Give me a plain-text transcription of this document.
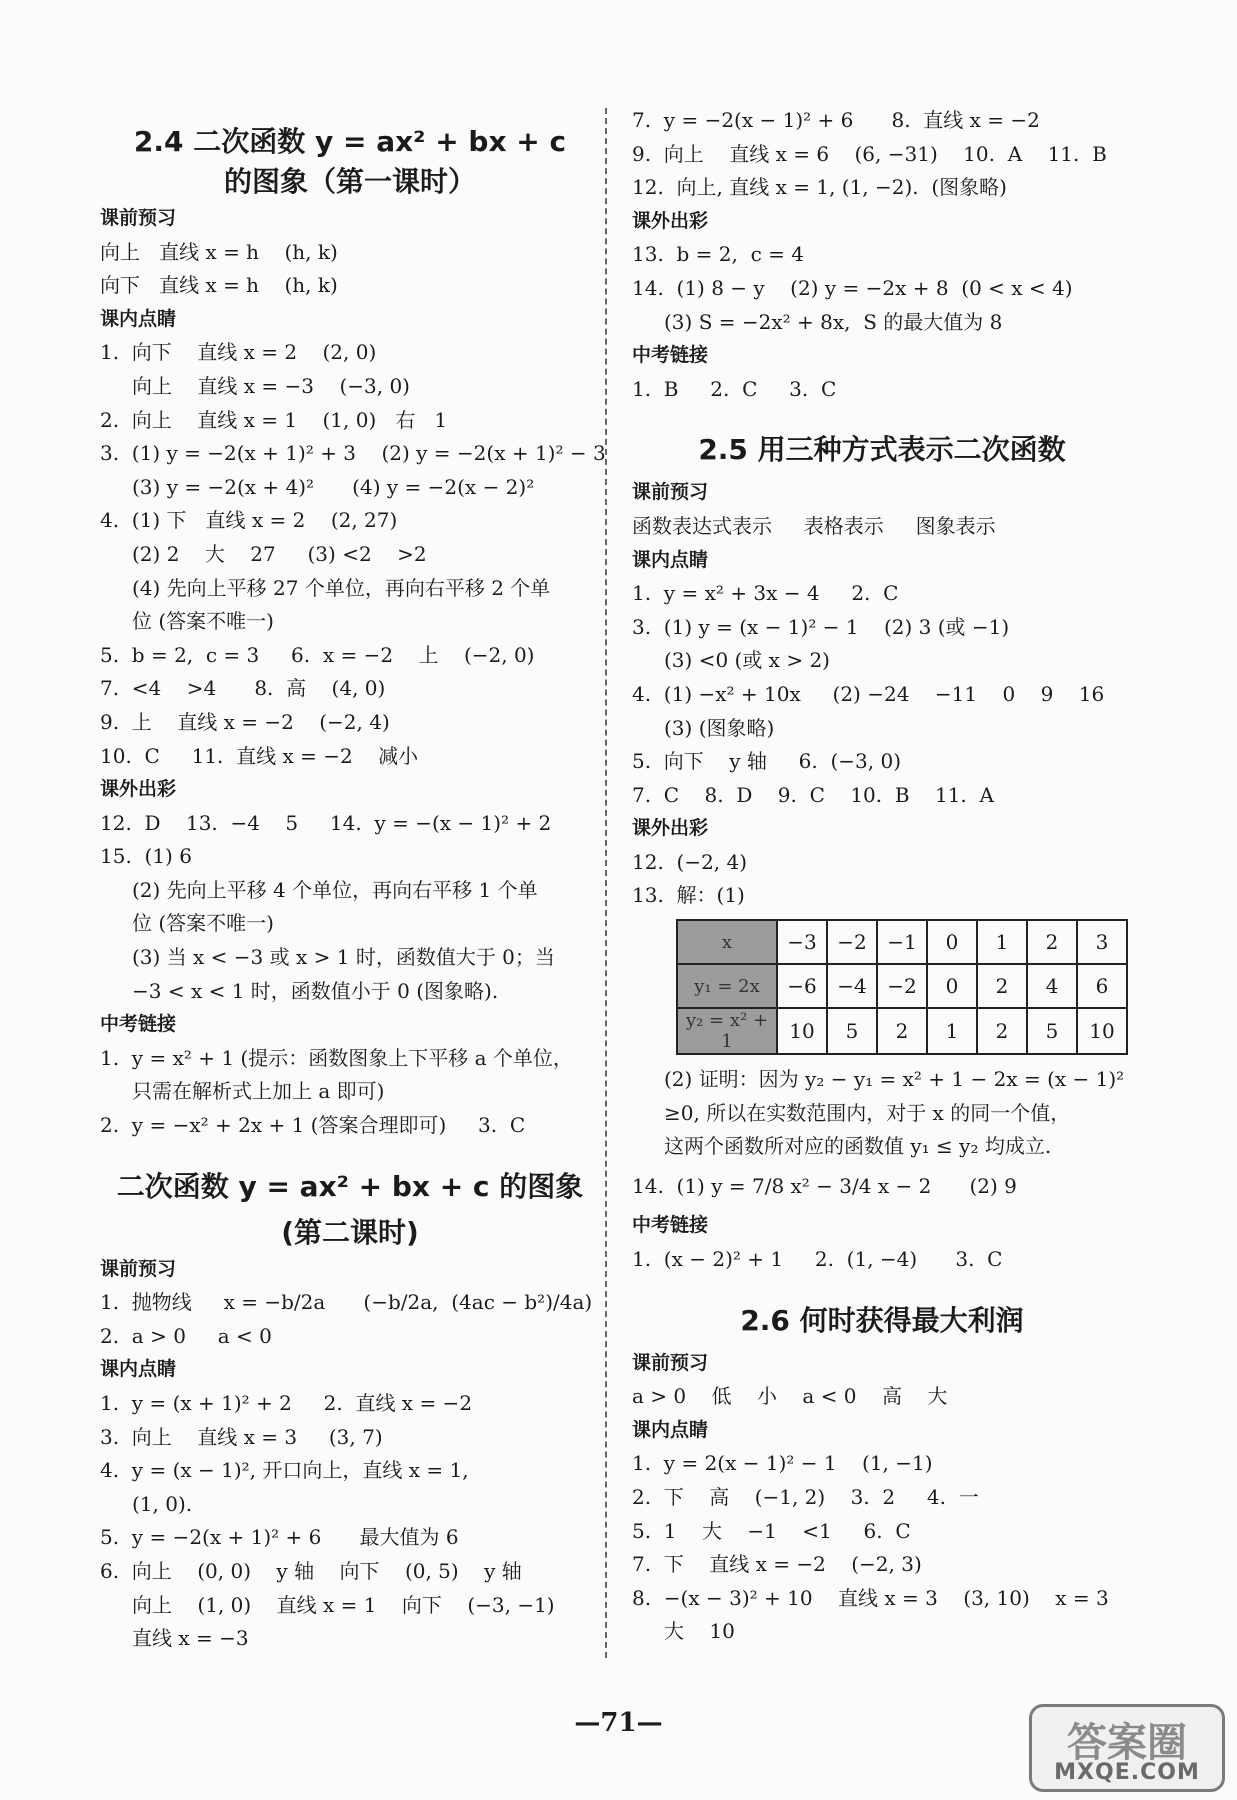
2.4 二次函数 y = ax² + bx + c
的图象（第一课时）
课前预习
向上   直线 x = h    (h, k)
向下   直线 x = h    (h, k)
课内点睛
1.  向下    直线 x = 2    (2, 0)
向上    直线 x = −3    (−3, 0)
2.  向上    直线 x = 1    (1, 0)   右   1
3.  (1) y = −2(x + 1)² + 3    (2) y = −2(x + 1)² − 3
(3) y = −2(x + 4)²      (4) y = −2(x − 2)²
4.  (1) 下   直线 x = 2    (2, 27)
(2) 2    大    27     (3) <2    >2
(4) 先向上平移 27 个单位，再向右平移 2 个单
位 (答案不唯一)
5.  b = 2,  c = 3     6.  x = −2    上    (−2, 0)
7.  <4    >4      8.  高    (4, 0)
9.  上    直线 x = −2    (−2, 4)
10.  C     11.  直线 x = −2    减小
课外出彩
12.  D    13.  −4    5     14.  y = −(x − 1)² + 2
15.  (1) 6
(2) 先向上平移 4 个单位，再向右平移 1 个单
位 (答案不唯一)
(3) 当 x < −3 或 x > 1 时，函数值大于 0；当
−3 < x < 1 时，函数值小于 0 (图象略).
中考链接
1.  y = x² + 1 (提示：函数图象上下平移 a 个单位，
只需在解析式上加上 a 即可)
2.  y = −x² + 2x + 1 (答案合理即可)     3.  C
二次函数 y = ax² + bx + c 的图象
(第二课时)
课前预习
1.  抛物线     x = −b/2a      (−b/2a,  (4ac − b²)/4a)
2.  a > 0     a < 0
课内点睛
1.  y = (x + 1)² + 2     2.  直线 x = −2
3.  向上    直线 x = 3     (3, 7)
4.  y = (x − 1)², 开口向上，直线 x = 1,
(1, 0).
5.  y = −2(x + 1)² + 6      最大值为 6
6.  向上    (0, 0)    y 轴    向下    (0, 5)    y 轴
向上    (1, 0)    直线 x = 1    向下    (−3, −1)
直线 x = −3
7.  y = −2(x − 1)² + 6      8.  直线 x = −2
9.  向上    直线 x = 6    (6, −31)    10.  A    11.  B
12.  向上, 直线 x = 1, (1, −2).  (图象略)
课外出彩
13.  b = 2,  c = 4
14.  (1) 8 − y    (2) y = −2x + 8  (0 < x < 4)
(3) S = −2x² + 8x,  S 的最大值为 8
中考链接
1.  B     2.  C     3.  C
2.5 用三种方式表示二次函数
课前预习
函数表达式表示     表格表示     图象表示
课内点睛
1.  y = x² + 3x − 4     2.  C
3.  (1) y = (x − 1)² − 1    (2) 3 (或 −1)
(3) <0 (或 x > 2)
4.  (1) −x² + 10x     (2) −24    −11    0    9    16
(3) (图象略)
5.  向下    y 轴     6.  (−3, 0)
7.  C    8.  D    9.  C    10.  B    11.  A
课外出彩
12.  (−2, 4)
13.  解：(1)
x	−3	−2	−1	0	1	2	3
y₁ = 2x	−6	−4	−2	0	2	4	6
y₂ = x² + 1	10	5	2	1	2	5	10
(2) 证明：因为 y₂ − y₁ = x² + 1 − 2x = (x − 1)²
≥0, 所以在实数范围内，对于 x 的同一个值，
这两个函数所对应的函数值 y₁ ≤ y₂ 均成立.
14.  (1) y = 7/8 x² − 3/4 x − 2      (2) 9
中考链接
1.  (x − 2)² + 1     2.  (1, −4)      3.  C
2.6 何时获得最大利润
课前预习
a > 0    低    小    a < 0    高    大
课内点睛
1.  y = 2(x − 1)² − 1    (1, −1)
2.  下    高    (−1, 2)    3.  2     4.  一
5.  1    大    −1    <1     6.  C
7.  下    直线 x = −2    (−2, 3)
8.  −(x − 3)² + 10    直线 x = 3    (3, 10)    x = 3
大    10
—71—	答案圈
MXQE.COM
